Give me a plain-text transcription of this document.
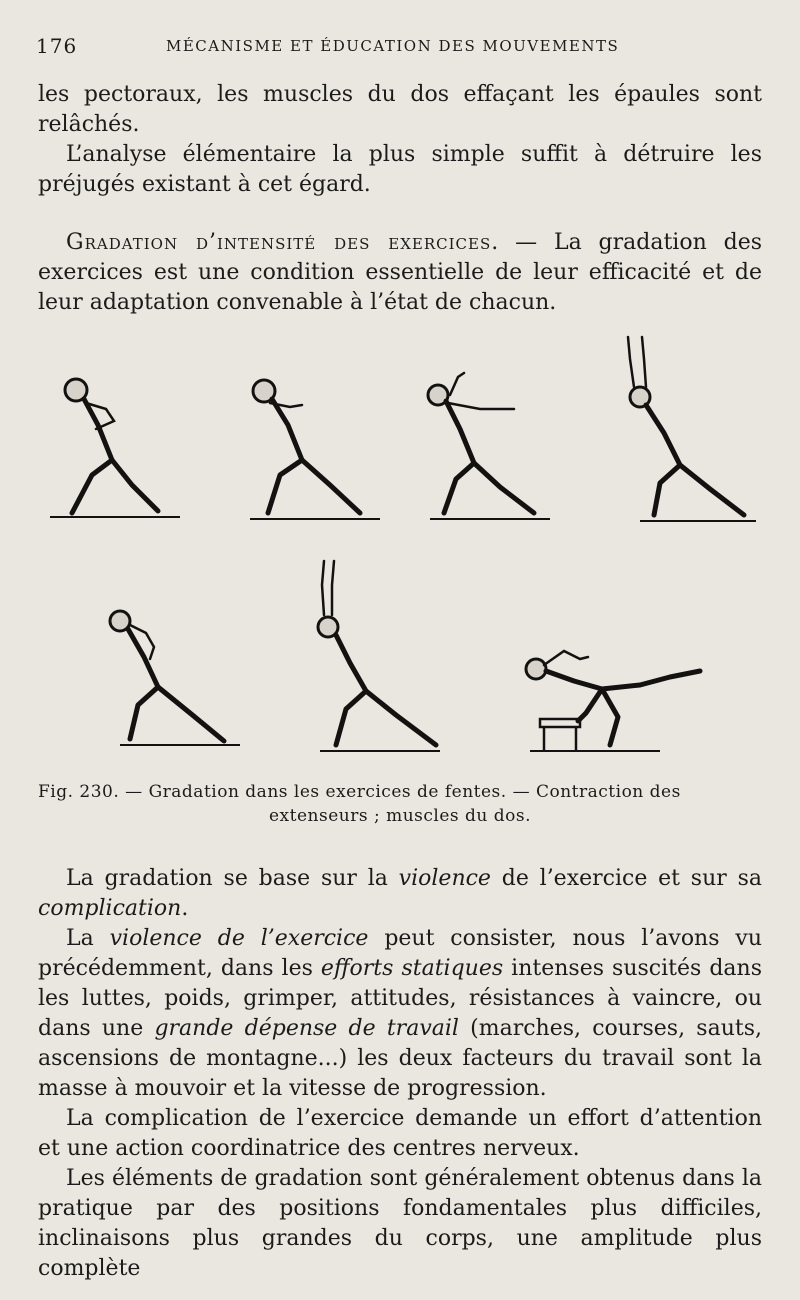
176	MÉCANISME ET ÉDUCATION DES MOUVEMENTS

les pectoraux, les muscles du dos effaçant les épaules sont relâchés.

L’analyse élémentaire la plus simple suffit à détruire les préjugés existant à cet égard.

Gradation d’intensité des exercices. — La gradation des exercices est une condition essentielle de leur efficacité et de leur adaptation convenable à l’état de chacun.

Fig. 230. — Gradation dans les exercices de fentes. — Contraction des
extenseurs ; muscles du dos.

La gradation se base sur la violence de l’exercice et sur sa complication.

La violence de l’exercice peut consister, nous l’avons vu précédemment, dans les efforts statiques intenses suscités dans les luttes, poids, grimper, attitudes, résistances à vaincre, ou dans une grande dépense de travail (marches, courses, sauts, ascensions de montagne...) les deux facteurs du travail sont la masse à mouvoir et la vitesse de progression.

La complication de l’exercice demande un effort d’attention et une action coordinatrice des centres nerveux.

Les éléments de gradation sont généralement obtenus dans la pratique par des positions fondamentales plus difficiles, inclinaisons plus grandes du corps, une amplitude plus complète
